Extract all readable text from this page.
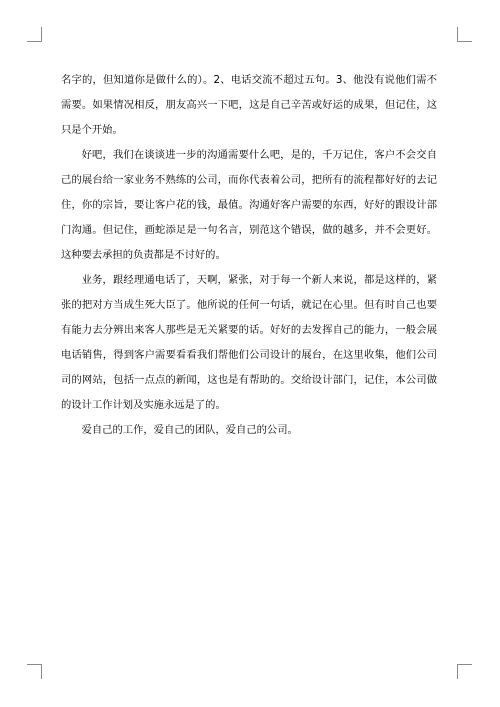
名字的，但知道你是做什么的）。2、电话交流不超过五句。3、他没有说他们需不需要。如果情况相反，朋友高兴一下吧，这是自己辛苦或好运的成果，但记住，这只是个开始。

好吧，我们在谈谈进一步的沟通需要什么吧，是的，千万记住，客户不会交自己的展台给一家业务不熟练的公司，而你代表着公司，把所有的流程都好好的去记住，你的宗旨，要让客户花的钱，最值。沟通好客户需要的东西，好好的跟设计部门沟通。但记住，画蛇添足是一句名言，别范这个错误，做的越多，并不会更好。这种要去承担的负责都是不讨好的。

业务，跟经理通电话了，天啊，紧张，对于每一个新人来说，都是这样的，紧张的把对方当成生死大臣了。他所说的任何一句话，就记在心里。但有时自己也要有能力去分辨出来客人那些是无关紧要的话。好好的去发挥自己的能力，一般会展电话销售，得到客户需要看看我们帮他们公司设计的展台，在这里收集，他们公司司的网站，包括一点点的新闻，这也是有帮助的。交给设计部门，记住，本公司做的设计工作计划及实施永远是了的。

爱自己的工作，爱自己的团队，爱自己的公司。
